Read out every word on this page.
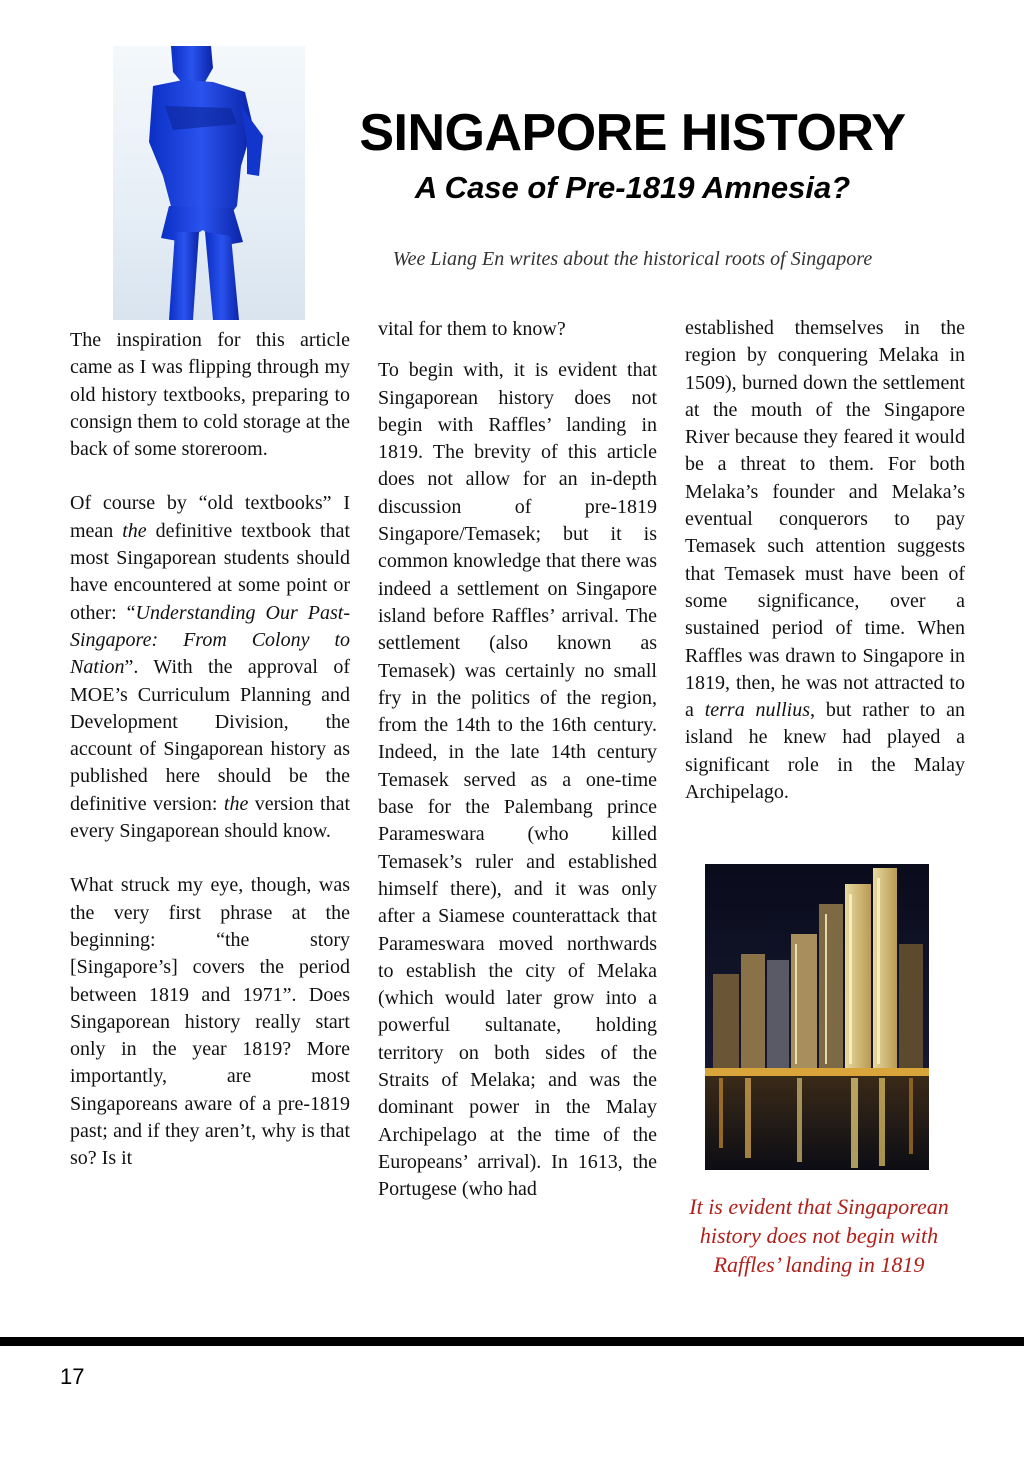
SINGAPORE HISTORY
A Case of Pre-1819 Amnesia?

Wee Liang En writes about the historical roots of Singapore

The inspiration for this article came as I was flipping through my old history textbooks, preparing to consign them to cold storage at the back of some storeroom.

Of course by “old textbooks” I mean the definitive textbook that most Singaporean students should have encountered at some point or other: “Understanding Our Past- Singapore: From Colony to Nation”. With the approval of MOE’s Curriculum Planning and Development Division, the account of Singaporean history as published here should be the definitive version: the version that every Singaporean should know.

What struck my eye, though, was the very first phrase at the beginning: “the story [Singapore’s] covers the period between 1819 and 1971”. Does Singaporean history really start only in the year 1819? More importantly, are most Singaporeans aware of a pre-1819 past; and if they aren’t, why is that so? Is it

vital for them to know?

To begin with, it is evident that Singaporean history does not begin with Raffles’ landing in 1819. The brevity of this article does not allow for an in-depth discussion of pre-1819 Singapore/Temasek; but it is common knowledge that there was indeed a settlement on Singapore island before Raffles’ arrival. The settlement (also known as Temasek) was certainly no small fry in the politics of the region, from the 14th to the 16th century. Indeed, in the late 14th century Temasek served as a one-time base for the Palembang prince Parameswara (who killed Temasek’s ruler and established himself there), and it was only after a Siamese counterattack that Parameswara moved northwards to establish the city of Melaka (which would later grow into a powerful sultanate, holding territory on both sides of the Straits of Melaka; and was the dominant power in the Malay Archipelago at the time of the Europeans’ arrival). In 1613, the Portugese (who had

established themselves in the region by conquering Melaka in 1509), burned down the settlement at the mouth of the Singapore River because they feared it would be a threat to them. For both Melaka’s founder and Melaka’s eventual conquerors to pay Temasek such attention suggests that Temasek must have been of some significance, over a sustained period of time. When Raffles was drawn to Singapore in 1819, then, he was not attracted to a terra nullius, but rather to an island he knew had played a significant role in the Malay Archipelago.

It is evident that Singaporean history does not begin with Raffles’ landing in 1819
17
